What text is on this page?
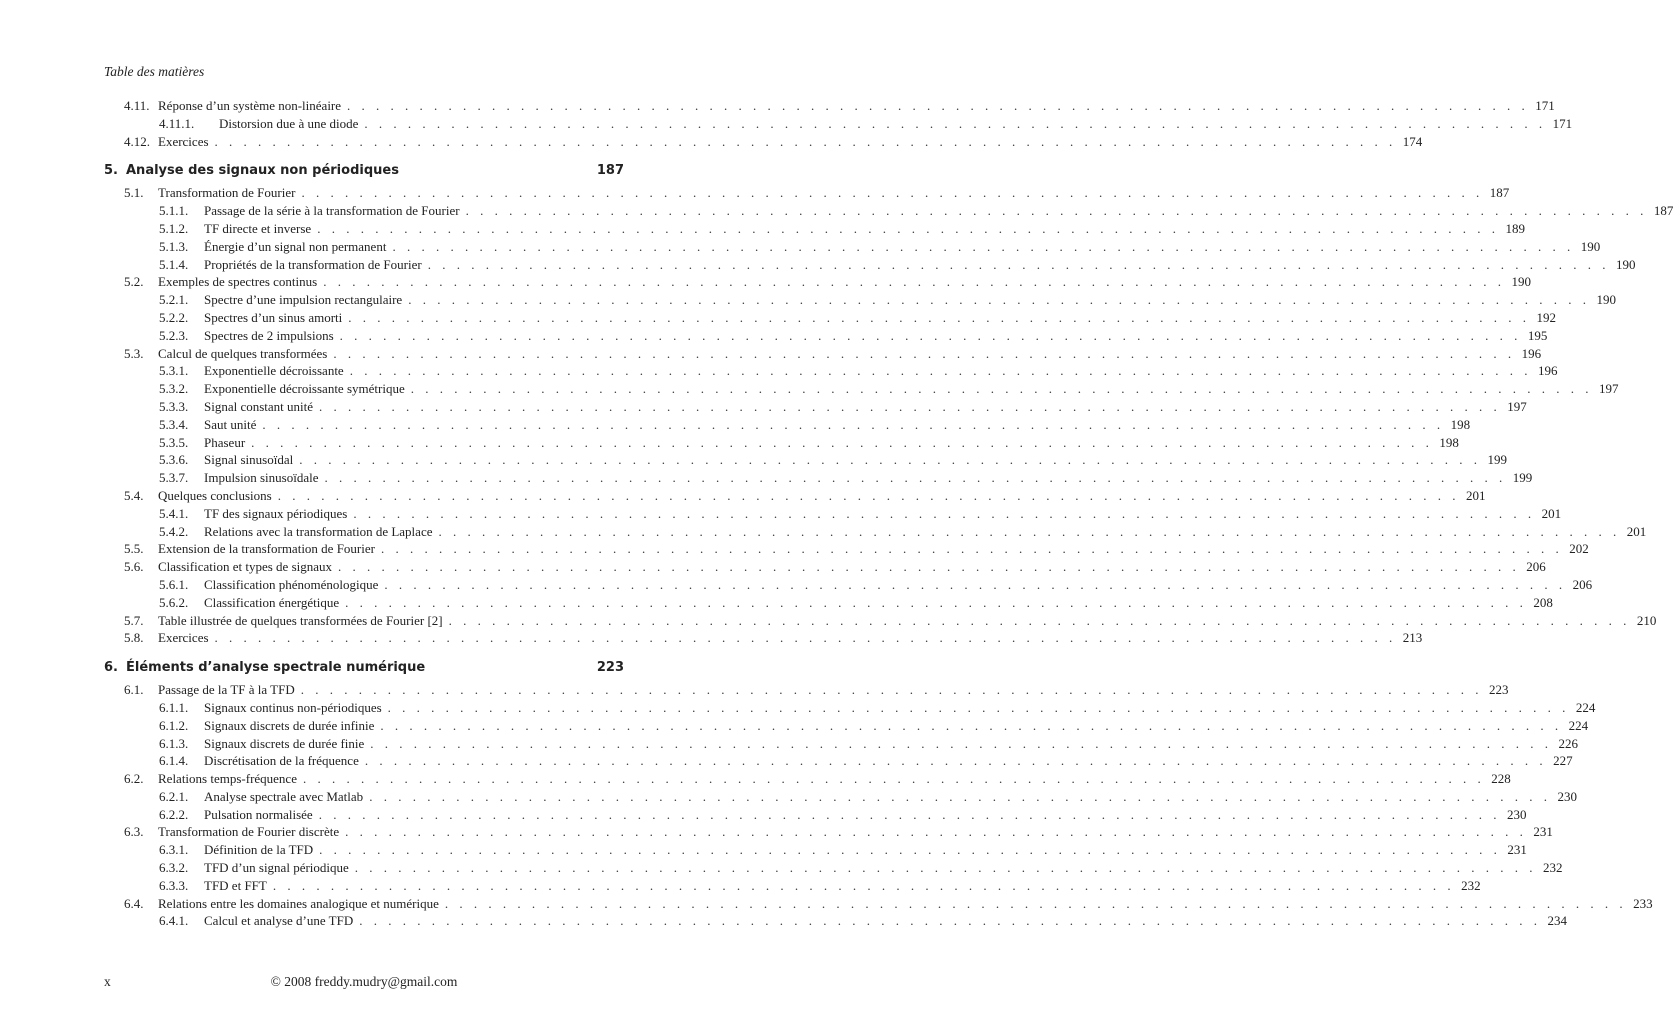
Table des matières
4.11. Réponse d’un système non-linéaire . . . . . . . . . . . . . . . . . . . . . . . . . . . . . . . . . . . . . . . . . . . . . . . . . . . . . . . . . . . . . . . . . . . . . . . . . . . . . . . . . . 171
4.11.1.	Distorsion due à une diode . . . . . . . . . . . . . . . . . . . . . . . . . . . . . . . . . . . . . . . . . . . . . . . . . . . . . . . . . . . . . . . . . . . . . . . . . . . . . . . . . . 171
4.12. Exercices . . . . . . . . . . . . . . . . . . . . . . . . . . . . . . . . . . . . . . . . . . . . . . . . . . . . . . . . . . . . . . . . . . . . . . . . . . . . . . . . . . 174
5. Analyse des signaux non périodiques	187
5.1.	Transformation de Fourier . . . . . . . . . . . . . . . . . . . . . . . . . . . . . . . . . . . . . . . . . . . . . . . . . . . . . . . . . . . . . . . . . . . . . . . . . . . . . . . . . . 187
5.1.1.	Passage de la série à la transformation de Fourier . . . . . . . . . . . . . . . . . . . . . . . . . . . . . . . . . . . . . . . . . . . . . . . . . . . . . . . . . . . . . . . . . . . . . . . . . . . . . . . . . . 187
5.1.2.	TF directe et inverse . . . . . . . . . . . . . . . . . . . . . . . . . . . . . . . . . . . . . . . . . . . . . . . . . . . . . . . . . . . . . . . . . . . . . . . . . . . . . . . . . . 189
5.1.3.	Énergie d’un signal non permanent . . . . . . . . . . . . . . . . . . . . . . . . . . . . . . . . . . . . . . . . . . . . . . . . . . . . . . . . . . . . . . . . . . . . . . . . . . . . . . . . . . 190
5.1.4.	Propriétés de la transformation de Fourier . . . . . . . . . . . . . . . . . . . . . . . . . . . . . . . . . . . . . . . . . . . . . . . . . . . . . . . . . . . . . . . . . . . . . . . . . . . . . . . . . . 190
5.2.	Exemples de spectres continus . . . . . . . . . . . . . . . . . . . . . . . . . . . . . . . . . . . . . . . . . . . . . . . . . . . . . . . . . . . . . . . . . . . . . . . . . . . . . . . . . . 190
5.2.1.	Spectre d’une impulsion rectangulaire . . . . . . . . . . . . . . . . . . . . . . . . . . . . . . . . . . . . . . . . . . . . . . . . . . . . . . . . . . . . . . . . . . . . . . . . . . . . . . . . . . 190
5.2.2.	Spectres d’un sinus amorti . . . . . . . . . . . . . . . . . . . . . . . . . . . . . . . . . . . . . . . . . . . . . . . . . . . . . . . . . . . . . . . . . . . . . . . . . . . . . . . . . . 192
5.2.3.	Spectres de 2 impulsions . . . . . . . . . . . . . . . . . . . . . . . . . . . . . . . . . . . . . . . . . . . . . . . . . . . . . . . . . . . . . . . . . . . . . . . . . . . . . . . . . . 195
5.3.	Calcul de quelques transformées . . . . . . . . . . . . . . . . . . . . . . . . . . . . . . . . . . . . . . . . . . . . . . . . . . . . . . . . . . . . . . . . . . . . . . . . . . . . . . . . . . 196
5.3.1.	Exponentielle décroissante . . . . . . . . . . . . . . . . . . . . . . . . . . . . . . . . . . . . . . . . . . . . . . . . . . . . . . . . . . . . . . . . . . . . . . . . . . . . . . . . . . 196
5.3.2.	Exponentielle décroissante symétrique . . . . . . . . . . . . . . . . . . . . . . . . . . . . . . . . . . . . . . . . . . . . . . . . . . . . . . . . . . . . . . . . . . . . . . . . . . . . . . . . . . 197
5.3.3.	Signal constant unité . . . . . . . . . . . . . . . . . . . . . . . . . . . . . . . . . . . . . . . . . . . . . . . . . . . . . . . . . . . . . . . . . . . . . . . . . . . . . . . . . . 197
5.3.4.	Saut unité . . . . . . . . . . . . . . . . . . . . . . . . . . . . . . . . . . . . . . . . . . . . . . . . . . . . . . . . . . . . . . . . . . . . . . . . . . . . . . . . . . 198
5.3.5.	Phaseur . . . . . . . . . . . . . . . . . . . . . . . . . . . . . . . . . . . . . . . . . . . . . . . . . . . . . . . . . . . . . . . . . . . . . . . . . . . . . . . . . . 198
5.3.6.	Signal sinusoïdal . . . . . . . . . . . . . . . . . . . . . . . . . . . . . . . . . . . . . . . . . . . . . . . . . . . . . . . . . . . . . . . . . . . . . . . . . . . . . . . . . . 199
5.3.7.	Impulsion sinusoïdale . . . . . . . . . . . . . . . . . . . . . . . . . . . . . . . . . . . . . . . . . . . . . . . . . . . . . . . . . . . . . . . . . . . . . . . . . . . . . . . . . . 199
5.4.	Quelques conclusions . . . . . . . . . . . . . . . . . . . . . . . . . . . . . . . . . . . . . . . . . . . . . . . . . . . . . . . . . . . . . . . . . . . . . . . . . . . . . . . . . . 201
5.4.1.	TF des signaux périodiques . . . . . . . . . . . . . . . . . . . . . . . . . . . . . . . . . . . . . . . . . . . . . . . . . . . . . . . . . . . . . . . . . . . . . . . . . . . . . . . . . . 201
5.4.2.	Relations avec la transformation de Laplace . . . . . . . . . . . . . . . . . . . . . . . . . . . . . . . . . . . . . . . . . . . . . . . . . . . . . . . . . . . . . . . . . . . . . . . . . . . . . . . . . . 201
5.5.	Extension de la transformation de Fourier . . . . . . . . . . . . . . . . . . . . . . . . . . . . . . . . . . . . . . . . . . . . . . . . . . . . . . . . . . . . . . . . . . . . . . . . . . . . . . . . . . 202
5.6.	Classification et types de signaux . . . . . . . . . . . . . . . . . . . . . . . . . . . . . . . . . . . . . . . . . . . . . . . . . . . . . . . . . . . . . . . . . . . . . . . . . . . . . . . . . . 206
5.6.1.	Classification phénoménologique . . . . . . . . . . . . . . . . . . . . . . . . . . . . . . . . . . . . . . . . . . . . . . . . . . . . . . . . . . . . . . . . . . . . . . . . . . . . . . . . . . 206
5.6.2.	Classification énergétique . . . . . . . . . . . . . . . . . . . . . . . . . . . . . . . . . . . . . . . . . . . . . . . . . . . . . . . . . . . . . . . . . . . . . . . . . . . . . . . . . . 208
5.7.	Table illustrée de quelques transformées de Fourier [2] . . . . . . . . . . . . . . . . . . . . . . . . . . . . . . . . . . . . . . . . . . . . . . . . . . . . . . . . . . . . . . . . . . . . . . . . . . . . . . . . . . 210
5.8.	Exercices . . . . . . . . . . . . . . . . . . . . . . . . . . . . . . . . . . . . . . . . . . . . . . . . . . . . . . . . . . . . . . . . . . . . . . . . . . . . . . . . . . 213
6. Éléments d’analyse spectrale numérique	223
6.1.	Passage de la TF à la TFD . . . . . . . . . . . . . . . . . . . . . . . . . . . . . . . . . . . . . . . . . . . . . . . . . . . . . . . . . . . . . . . . . . . . . . . . . . . . . . . . . . 223
6.1.1.	Signaux continus non-périodiques . . . . . . . . . . . . . . . . . . . . . . . . . . . . . . . . . . . . . . . . . . . . . . . . . . . . . . . . . . . . . . . . . . . . . . . . . . . . . . . . . . 224
6.1.2.	Signaux discrets de durée infinie . . . . . . . . . . . . . . . . . . . . . . . . . . . . . . . . . . . . . . . . . . . . . . . . . . . . . . . . . . . . . . . . . . . . . . . . . . . . . . . . . . 224
6.1.3.	Signaux discrets de durée finie . . . . . . . . . . . . . . . . . . . . . . . . . . . . . . . . . . . . . . . . . . . . . . . . . . . . . . . . . . . . . . . . . . . . . . . . . . . . . . . . . . 226
6.1.4.	Discrétisation de la fréquence . . . . . . . . . . . . . . . . . . . . . . . . . . . . . . . . . . . . . . . . . . . . . . . . . . . . . . . . . . . . . . . . . . . . . . . . . . . . . . . . . . 227
6.2.	Relations temps-fréquence . . . . . . . . . . . . . . . . . . . . . . . . . . . . . . . . . . . . . . . . . . . . . . . . . . . . . . . . . . . . . . . . . . . . . . . . . . . . . . . . . . 228
6.2.1.	Analyse spectrale avec Matlab . . . . . . . . . . . . . . . . . . . . . . . . . . . . . . . . . . . . . . . . . . . . . . . . . . . . . . . . . . . . . . . . . . . . . . . . . . . . . . . . . . 230
6.2.2.	Pulsation normalisée . . . . . . . . . . . . . . . . . . . . . . . . . . . . . . . . . . . . . . . . . . . . . . . . . . . . . . . . . . . . . . . . . . . . . . . . . . . . . . . . . . 230
6.3.	Transformation de Fourier discrète . . . . . . . . . . . . . . . . . . . . . . . . . . . . . . . . . . . . . . . . . . . . . . . . . . . . . . . . . . . . . . . . . . . . . . . . . . . . . . . . . . 231
6.3.1.	Définition de la TFD . . . . . . . . . . . . . . . . . . . . . . . . . . . . . . . . . . . . . . . . . . . . . . . . . . . . . . . . . . . . . . . . . . . . . . . . . . . . . . . . . . 231
6.3.2.	TFD d’un signal périodique . . . . . . . . . . . . . . . . . . . . . . . . . . . . . . . . . . . . . . . . . . . . . . . . . . . . . . . . . . . . . . . . . . . . . . . . . . . . . . . . . . 232
6.3.3.	TFD et FFT . . . . . . . . . . . . . . . . . . . . . . . . . . . . . . . . . . . . . . . . . . . . . . . . . . . . . . . . . . . . . . . . . . . . . . . . . . . . . . . . . . 232
6.4.	Relations entre les domaines analogique et numérique . . . . . . . . . . . . . . . . . . . . . . . . . . . . . . . . . . . . . . . . . . . . . . . . . . . . . . . . . . . . . . . . . . . . . . . . . . . . . . . . . . 233
6.4.1.	Calcul et analyse d’une TFD . . . . . . . . . . . . . . . . . . . . . . . . . . . . . . . . . . . . . . . . . . . . . . . . . . . . . . . . . . . . . . . . . . . . . . . . . . . . . . . . . . 234
x	© 2008 freddy.mudry@gmail.com
